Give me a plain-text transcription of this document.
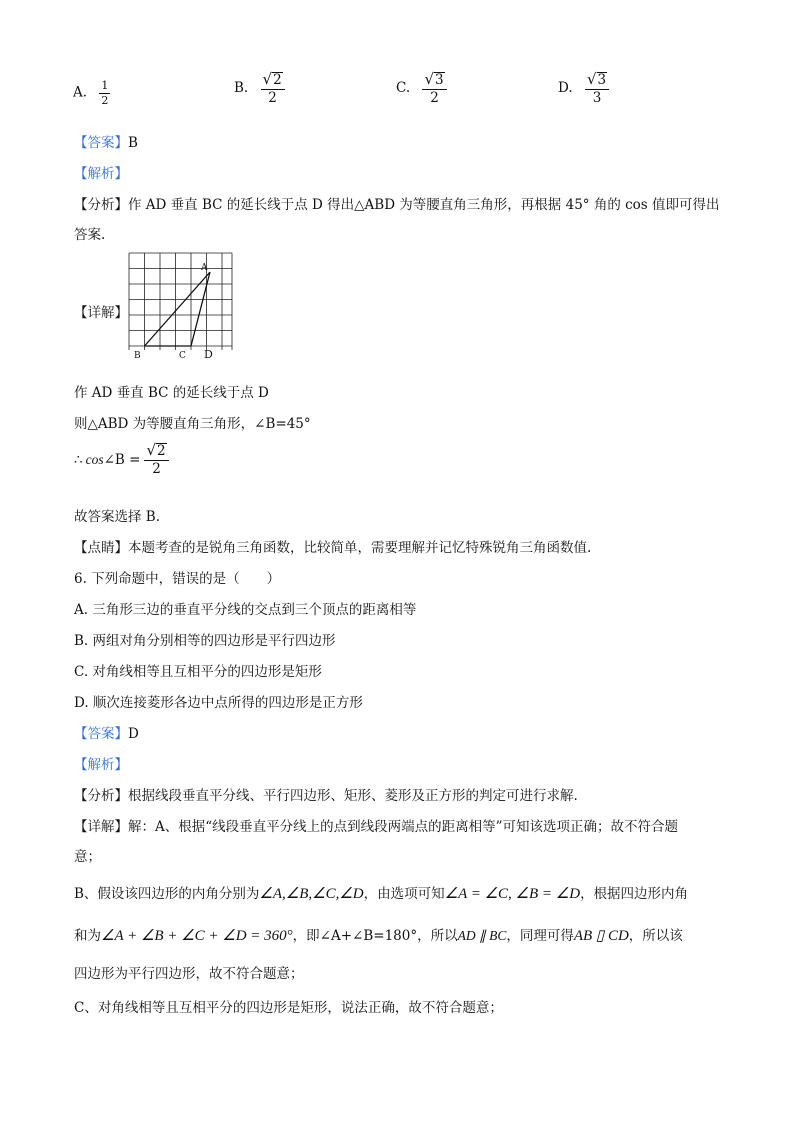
A. $\frac{1}{2}$	B. $\frac{√ 2}{2}$	C. $\frac{√ 3}{2}$	D. $\frac{√ 3}{3}$
【答案】B
【解析】
【分析】作 AD 垂直 BC 的延长线于点 D 得出△ABD 为等腰直角三角形，再根据 45° 角的 cos 值即可得出
答案.
【详解】
A
B	C D
作 AD 垂直 BC 的延长线于点 D
则△ABD 为等腰直角三角形，∠B=45°
∴ cos ∠B = $\frac{√ 2}{2}$
故答案选择 B.
【点睛】本题考查的是锐角三角函数，比较简单，需要理解并记忆特殊锐角三角函数值.
6. 下列命题中，错误的是（　　）
A. 三角形三边的垂直平分线的交点到三个顶点的距离相等
B. 两组对角分别相等的四边形是平行四边形
C. 对角线相等且互相平分的四边形是矩形
D. 顺次连接菱形各边中点所得的四边形是正方形
【答案】D
【解析】
【分析】根据线段垂直平分线、平行四边形、矩形、菱形及正方形的判定可进行求解.
【详解】解：A、根据“线段垂直平分线上的点到线段两端点的距离相等”可知该选项正确；故不符合题
意；
B、假设该四边形的内角分别为∠A,∠B,∠C,∠D，由选项可知∠A = ∠C, ∠B = ∠D，根据四边形内角
和为∠A + ∠B + ∠C + ∠D = 360°，即∠A+∠B=180°，所以AD ∥ BC，同理可得AB ▯ CD，所以该
四边形为平行四边形，故不符合题意；
C、对角线相等且互相平分的四边形是矩形，说法正确，故不符合题意；
